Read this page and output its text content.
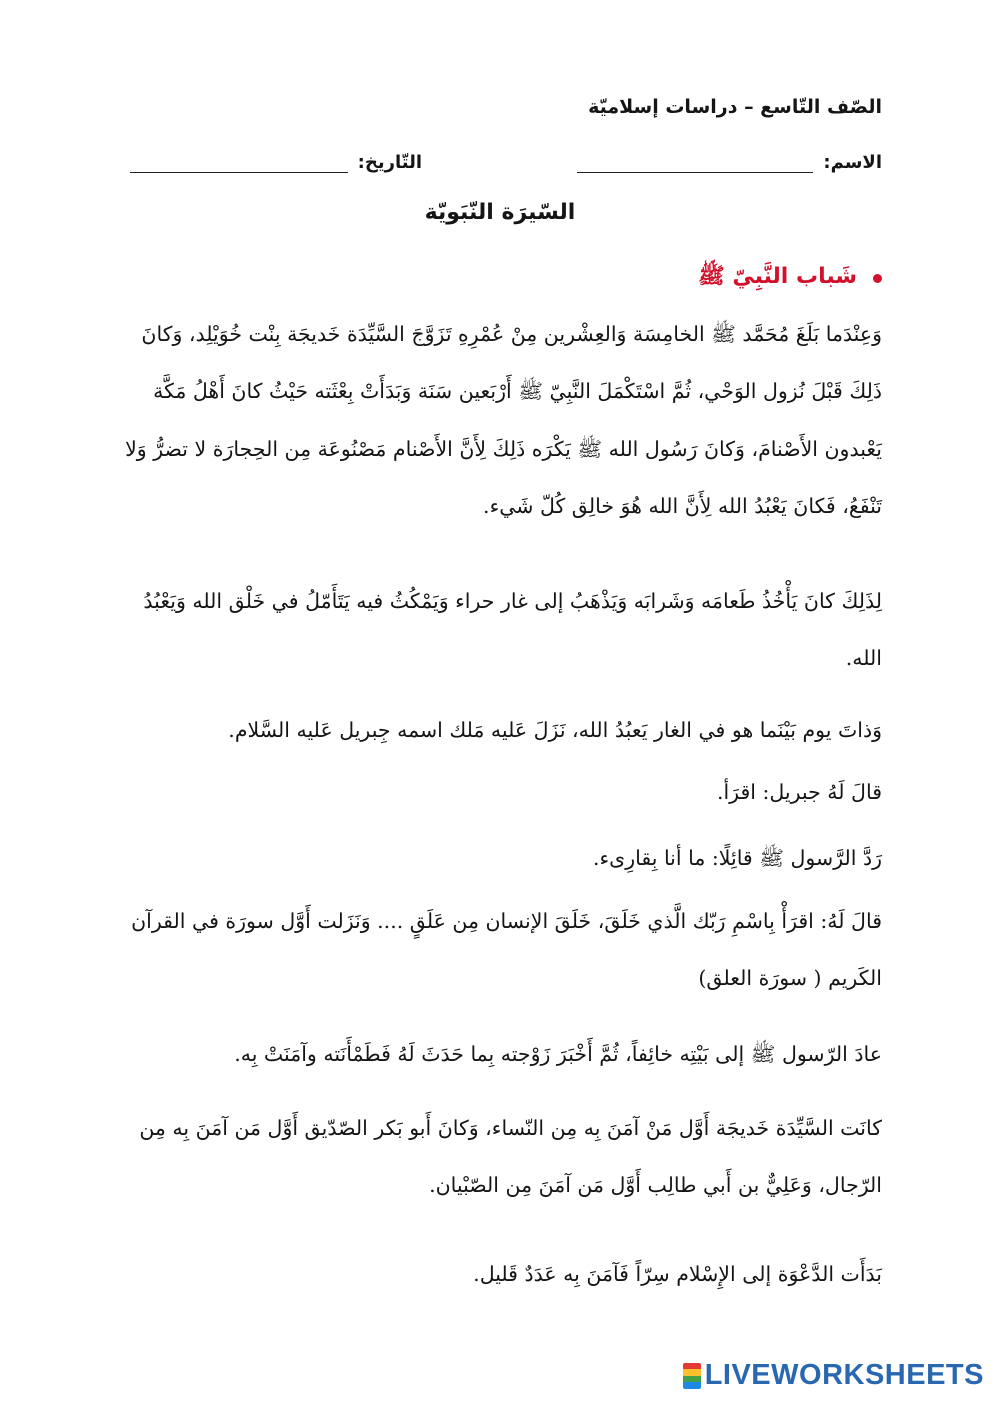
الصّف التّاسع – دراسات إسلاميّة
الاسم:
التّاريخ:
السّيرَة النّبَويّة
شَباب النَّبِيّ ﷺ
وَعِنْدَما بَلَغَ مُحَمَّد ﷺ الخامِسَة وَالعِشْرين مِنْ عُمْرِهِ تَزَوَّجَ السَّيِّدَة خَديجَة بِنْت خُوَيْلِد، وَكانَ ذَلِكَ قَبْلَ نُزول الوَحْي، ثُمَّ اسْتَكْمَلَ النَّبِيّ ﷺ أَرْبَعين سَنَة وَبَدَأَتْ بِعْثَته حَيْثُ كانَ أَهْلُ مَكَّة يَعْبدون الأَصْنامَ، وَكانَ رَسُول الله ﷺ يَكْرَه ذَلِكَ لِأَنَّ الأَصْنام مَصْنُوعَة مِن الحِجارَة لا تضرُّ وَلا تَنْفَعُ، فَكانَ يَعْبُدُ الله لِأَنَّ الله هُوَ خالِق كُلّ شَيء.
لِذَلِكَ كانَ يَأْخُذُ طَعامَه وَشَرابَه وَيَذْهَبُ إلى غار حراء وَيَمْكُثُ فيه يَتَأَمّلُ في خَلْق الله وَيَعْبُدُ الله.
وَذاتَ يوم بَيْنَما هو في الغار يَعبُدُ الله، نَزَلَ عَليه مَلك اسمه جِبريل عَليه السَّلام.
قالَ لَهُ جبريل: اقرَأ.
رَدَّ الرَّسول ﷺ قائِلًا: ما أنا بِقارِىء.
قالَ لَهُ: اقرَأْ بِاسْمِ رَبّك الَّذي خَلَقَ، خَلَقَ الإنسان مِن عَلَقٍ .... وَنَزَلت أَوَّل سورَة في القرآن الكَريم ( سورَة العلق)
عادَ الرّسول ﷺ إلى بَيْتِه خائِفاً، ثُمَّ أَخْبَرَ زَوْجته بِما حَدَثَ لَهُ فَطَمْأَنَته وآمَنَتْ بِه.
كانَت السَّيِّدَة خَديجَة أَوَّل مَنْ آمَنَ بِه مِن النّساء، وَكانَ أَبو بَكر الصّدّيق أَوَّل مَن آمَنَ بِه مِن الرّجال، وَعَلِيٌّ بن أَبي طالِب أَوَّل مَن آمَنَ مِن الصّبْيان.
بَدَأَت الدَّعْوَة إلى الإِسْلام سِرّاً فَآمَنَ بِه عَدَدٌ قَليل.
LIVEWORKSHEETS
